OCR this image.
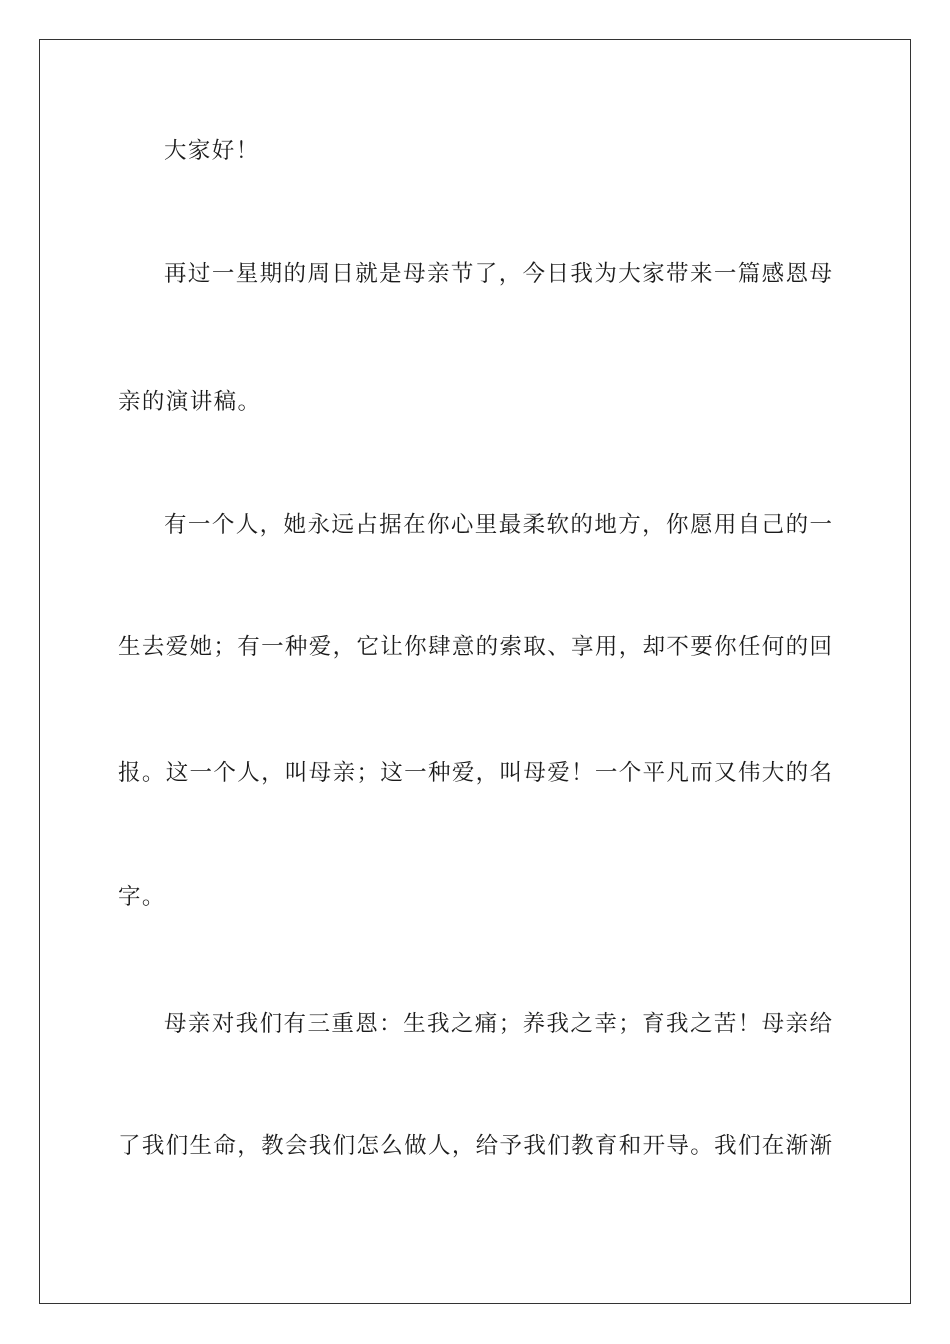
大家好！

再过一星期的周日就是母亲节了，今日我为大家带来一篇感恩母

亲的演讲稿。

有一个人，她永远占据在你心里最柔软的地方，你愿用自己的一

生去爱她；有一种爱，它让你肆意的索取、享用，却不要你任何的回

报。这一个人，叫母亲；这一种爱，叫母爱！一个平凡而又伟大的名

字。

母亲对我们有三重恩：生我之痛；养我之幸；育我之苦！母亲给

了我们生命，教会我们怎么做人，给予我们教育和开导。我们在渐渐
